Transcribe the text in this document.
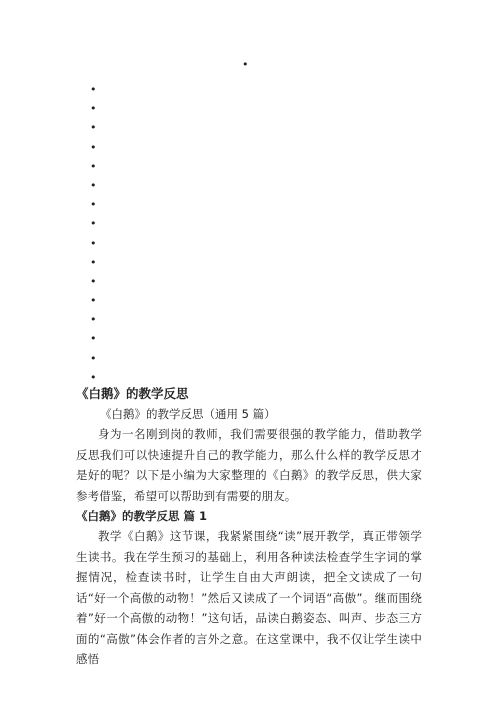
•
•
•
•
•
•
•
•
•
•
•
•
•
•
•
•
•

《白鹅》的教学反思

《白鹅》的教学反思（通用 5 篇）

身为一名刚到岗的教师，我们需要很强的教学能力，借助教学反思我们可以快速提升自己的教学能力，那么什么样的教学反思才是好的呢？以下是小编为大家整理的《白鹅》的教学反思，供大家参考借鉴，希望可以帮助到有需要的朋友。

《白鹅》的教学反思 篇 1

教学《白鹅》这节课，我紧紧围绕“读”展开教学，真正带领学生读书。我在学生预习的基础上，利用各种读法检查学生字词的掌握情况，检查读书时，让学生自由大声朗读，把全文读成了一句话“好一个高傲的动物！”然后又读成了一个词语“高傲”。继而围绕着”好一个高傲的动物！”这句话，品读白鹅姿态、叫声、步态三方面的“高傲”体会作者的言外之意。在这堂课中，我不仅让学生读中感悟
